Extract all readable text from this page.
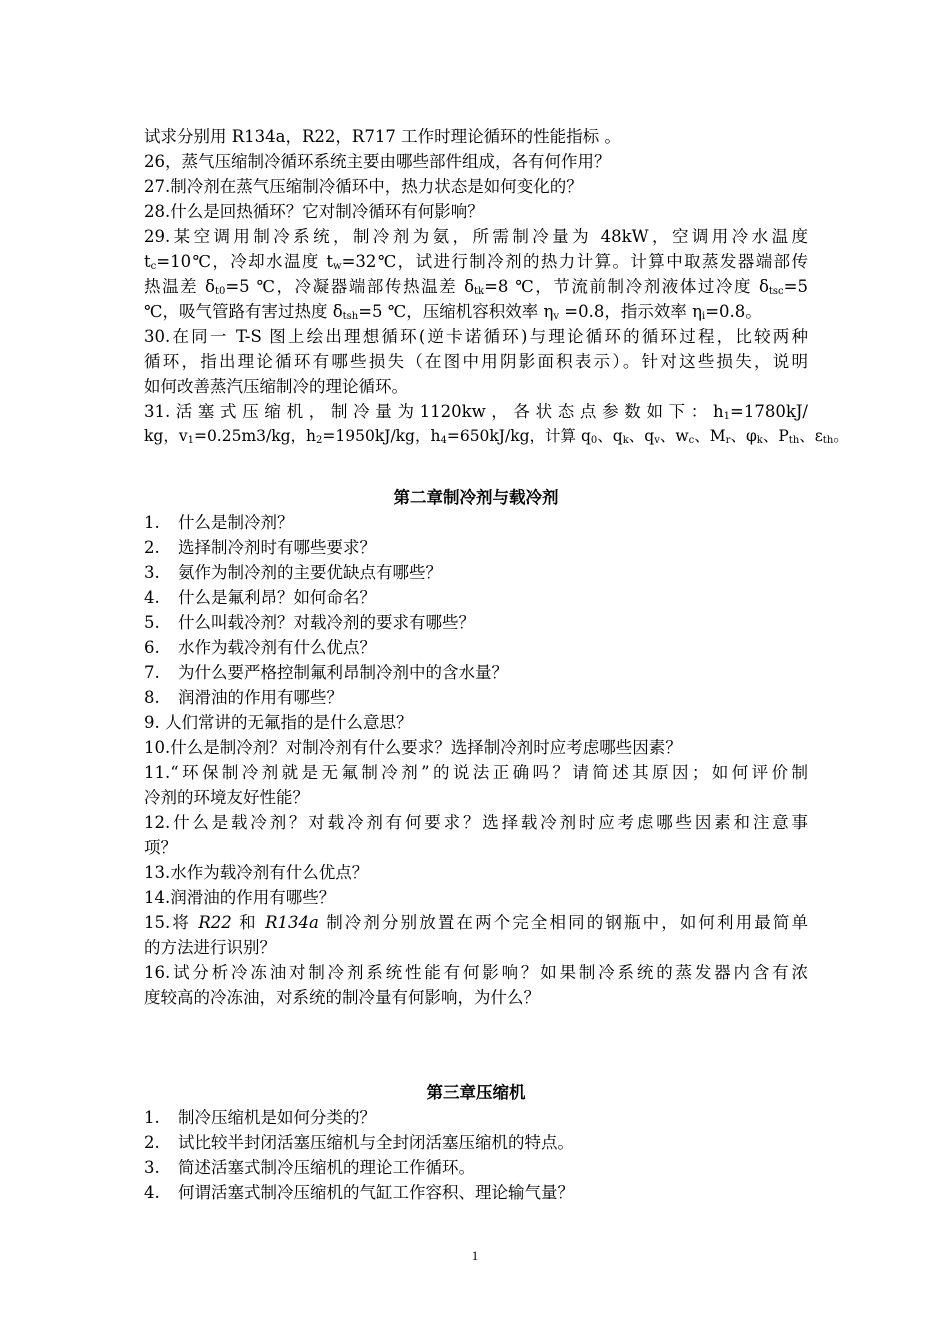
试求分别用 R134a，R22，R717 工作时理论循环的性能指标 。
26，蒸气压缩制冷循环系统主要由哪些部件组成，各有何作用？
27.制冷剂在蒸气压缩制冷循环中，热力状态是如何变化的？
28.什么是回热循环？它对制冷循环有何影响？
29.某空调用制冷系统，制冷剂为氨，所需制冷量为 48kW，空调用冷水温度
$t_c=10℃$，冷却水温度 $t_w=32℃$，试进行制冷剂的热力计算。计算中取蒸发器端部传
热温差 $\delta_{t0}=5$ ℃，冷凝器端部传热温差 $\delta_{tk}=8$ ℃，节流前制冷剂液体过冷度 $\delta_{tsc}=5$
℃，吸气管路有害过热度 $\delta_{tsh}=5$ ℃，压缩机容积效率 $\eta_v =0.8$，指示效率 $\eta_i=0.8$。
30.在同一 T-S 图上绘出理想循环(逆卡诺循环)与理论循环的循环过程，比较两种
循环，指出理论循环有哪些损失（在图中用阴影面积表示）。针对这些损失，说明
如何改善蒸汽压缩制冷的理论循环。
31. 活 塞 式 压 缩 机 ， 制 冷 量 为 1120kw ， 各 状 态 点 参 数 如 下 ： $h_1=1780kJ/$
kg，$v_1=0.25m3/kg$，$h_2=1950kJ/kg$，$h_4=650kJ/kg$，计算 $q_0$、$q_k$、$q_v$、$w_c$、$M_r$、$\varphi_k$、$P_{th}$、$\varepsilon_{th}$。
第二章制冷剂与载冷剂
1. 什么是制冷剂？
2. 选择制冷剂时有哪些要求？
3. 氨作为制冷剂的主要优缺点有哪些？
4. 什么是氟利昂？如何命名？
5. 什么叫载冷剂？对载冷剂的要求有哪些？
6. 水作为载冷剂有什么优点？
7. 为什么要严格控制氟利昂制冷剂中的含水量？
8. 润滑油的作用有哪些？
9. 人们常讲的无氟指的是什么意思？
10.什么是制冷剂？对制冷剂有什么要求？选择制冷剂时应考虑哪些因素？
11.“环保制冷剂就是无氟制冷剂”的说法正确吗？请简述其原因；如何评价制
冷剂的环境友好性能？
12.什么是载冷剂？对载冷剂有何要求？选择载冷剂时应考虑哪些因素和注意事
项？
13.水作为载冷剂有什么优点？
14.润滑油的作用有哪些？
15.将 R22 和 R134a 制冷剂分别放置在两个完全相同的钢瓶中，如何利用最简单
的方法进行识别？
16.试分析冷冻油对制冷剂系统性能有何影响？如果制冷系统的蒸发器内含有浓
度较高的冷冻油，对系统的制冷量有何影响，为什么？
第三章压缩机
1. 制冷压缩机是如何分类的？
2. 试比较半封闭活塞压缩机与全封闭活塞压缩机的特点。
3. 简述活塞式制冷压缩机的理论工作循环。
4. 何谓活塞式制冷压缩机的气缸工作容积、理论输气量？
1
